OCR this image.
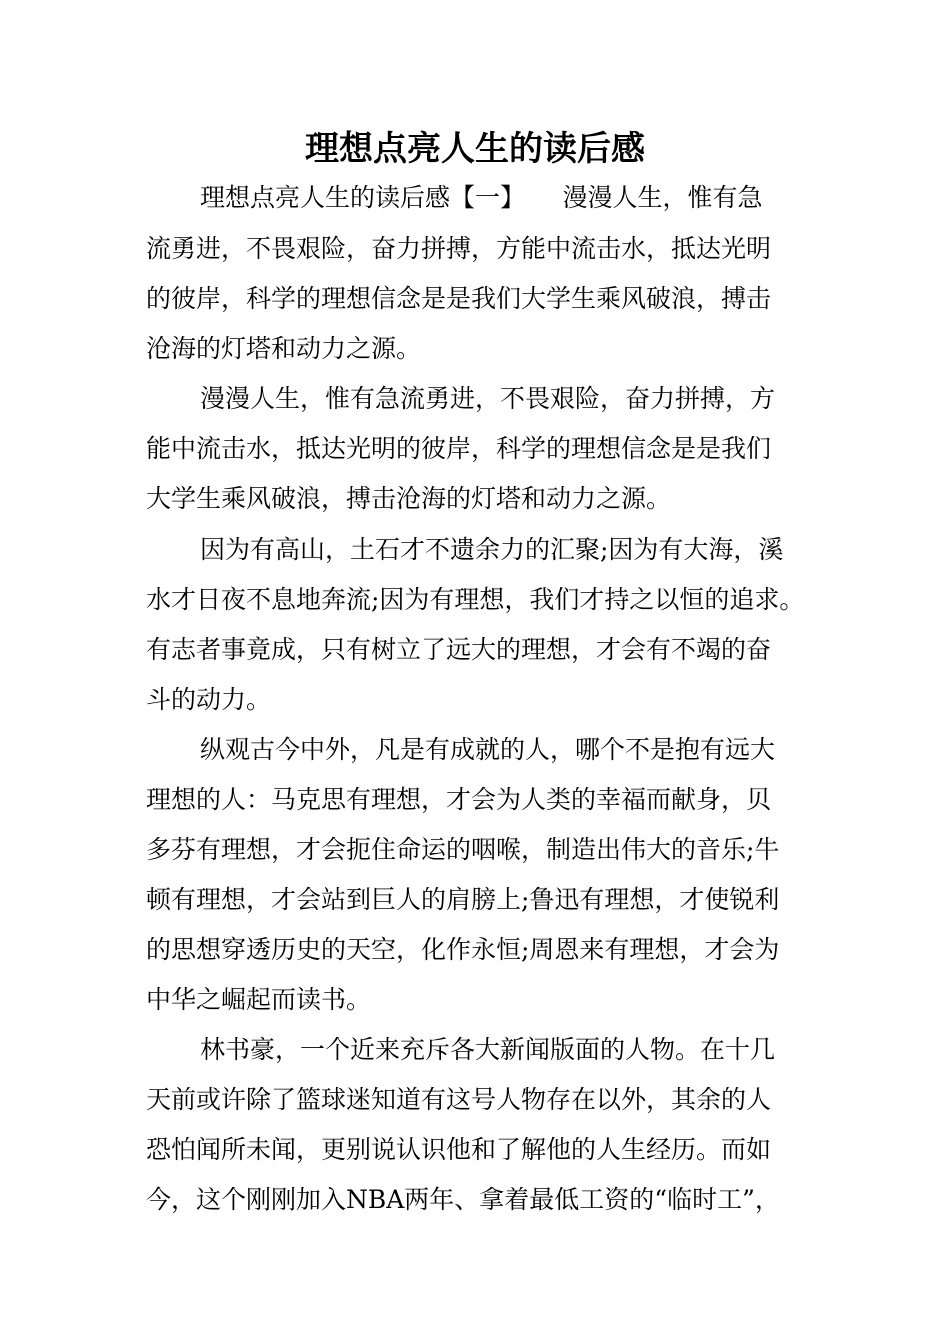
理想点亮人生的读后感

理想点亮人生的读后感【一】　　漫漫人生，惟有急

流勇进，不畏艰险，奋力拼搏，方能中流击水，抵达光明

的彼岸，科学的理想信念是是我们大学生乘风破浪，搏击

沧海的灯塔和动力之源。

漫漫人生，惟有急流勇进，不畏艰险，奋力拼搏，方

能中流击水，抵达光明的彼岸，科学的理想信念是是我们

大学生乘风破浪，搏击沧海的灯塔和动力之源。

因为有高山，土石才不遗余力的汇聚;因为有大海，溪

水才日夜不息地奔流;因为有理想，我们才持之以恒的追求。

有志者事竟成，只有树立了远大的理想，才会有不竭的奋

斗的动力。

纵观古今中外，凡是有成就的人，哪个不是抱有远大

理想的人：马克思有理想，才会为人类的幸福而献身，贝

多芬有理想，才会扼住命运的咽喉，制造出伟大的音乐;牛

顿有理想，才会站到巨人的肩膀上;鲁迅有理想，才使锐利

的思想穿透历史的天空，化作永恒;周恩来有理想，才会为

中华之崛起而读书。

林书豪，一个近来充斥各大新闻版面的人物。在十几

天前或许除了篮球迷知道有这号人物存在以外，其余的人

恐怕闻所未闻，更别说认识他和了解他的人生经历。而如

今，这个刚刚加入NBA两年、拿着最低工资的“临时工”，
